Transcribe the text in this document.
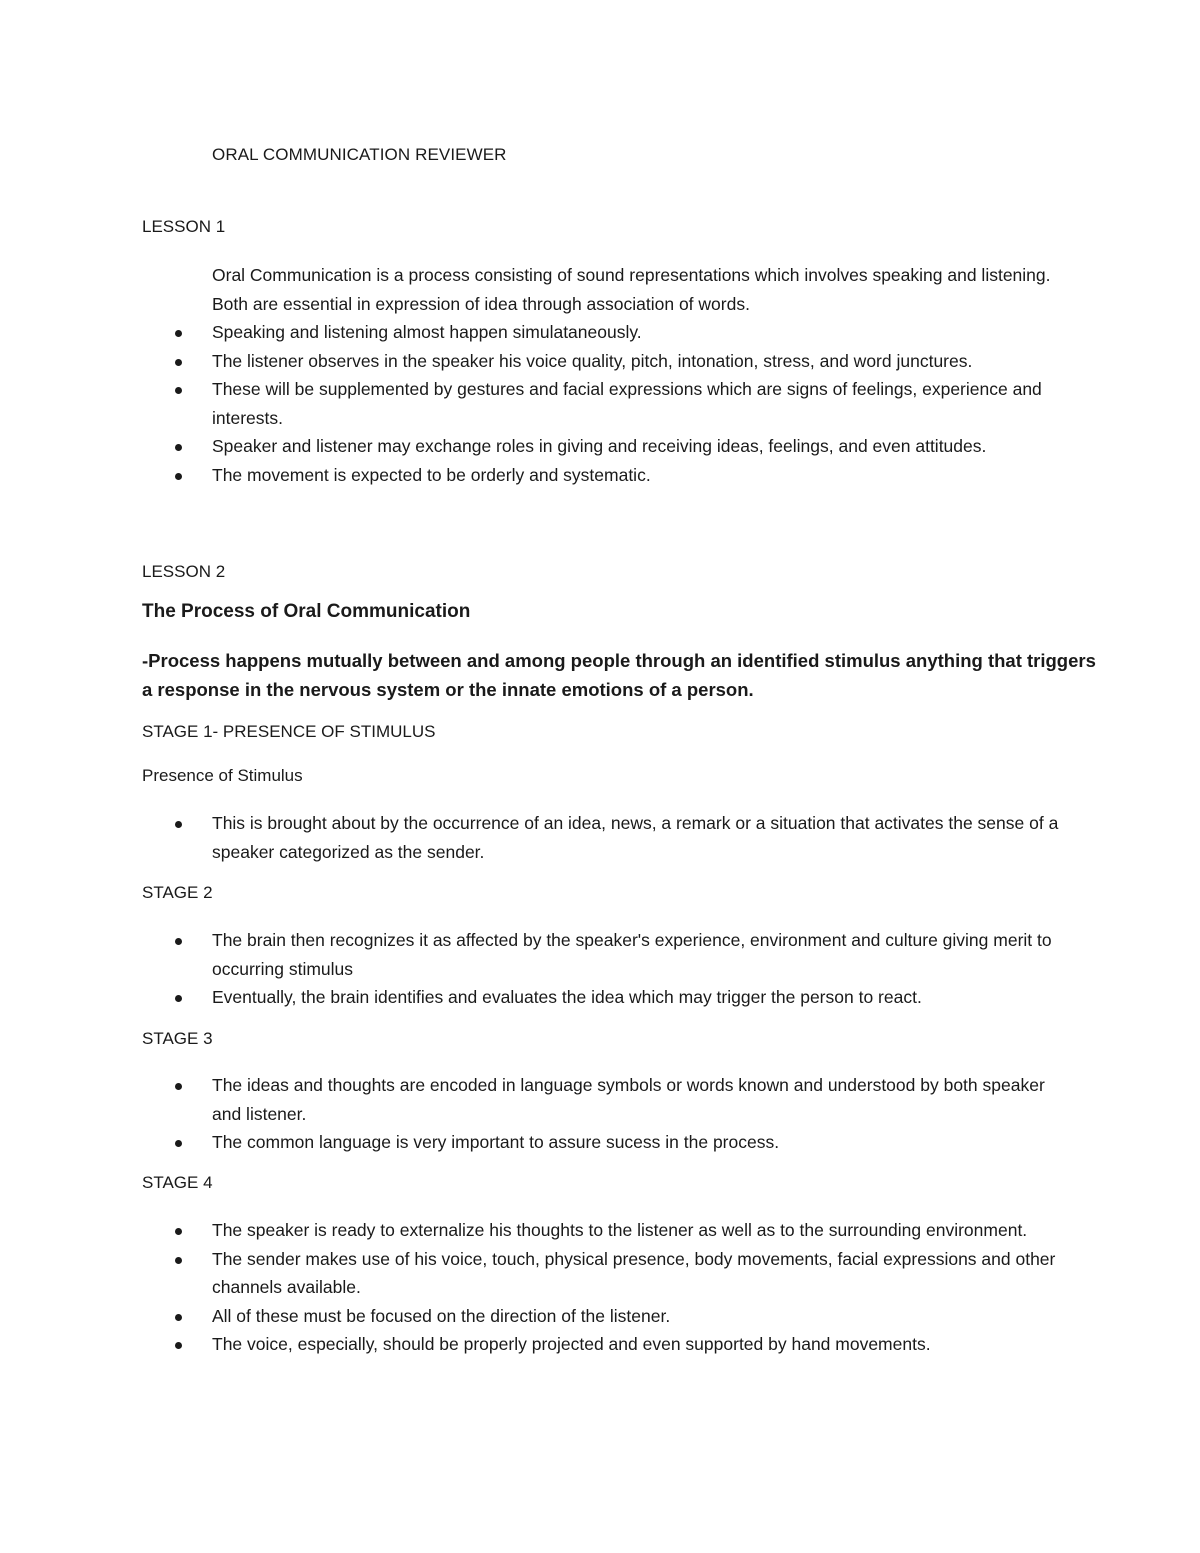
ORAL COMMUNICATION REVIEWER
LESSON 1
Oral Communication is a process consisting of sound representations which involves speaking and listening. Both are essential in expression of idea through association of words.
Speaking and listening almost happen simulataneously.
The listener observes in the speaker his voice quality, pitch, intonation, stress, and word junctures.
These will be supplemented by gestures and facial expressions which are signs of feelings, experience and interests.
Speaker and listener may exchange roles in giving and receiving ideas, feelings, and even attitudes.
The movement is expected to be orderly and systematic.
LESSON 2
The Process of Oral Communication
-Process happens mutually between and among people through an identified stimulus anything that triggers a response in the nervous system or the innate emotions of a person.
STAGE 1- PRESENCE OF STIMULUS
Presence of Stimulus
This is brought about by the occurrence of an idea, news, a remark or a situation that activates the sense of a speaker categorized as the sender.
STAGE 2
The brain then recognizes it as affected by the speaker's experience, environment and culture giving merit to occurring stimulus
Eventually, the brain identifies and evaluates the idea which may trigger the person to react.
STAGE 3
The ideas and thoughts are encoded in language symbols or words known and understood by both speaker and listener.
The common language is very important to assure sucess in the process.
STAGE 4
The speaker is ready to externalize his thoughts to the listener as well as to the surrounding environment.
The sender makes use of his voice, touch, physical presence, body movements, facial expressions and other channels available.
All of these must be focused on the direction of the listener.
The voice, especially, should be properly projected and even supported by hand movements.
